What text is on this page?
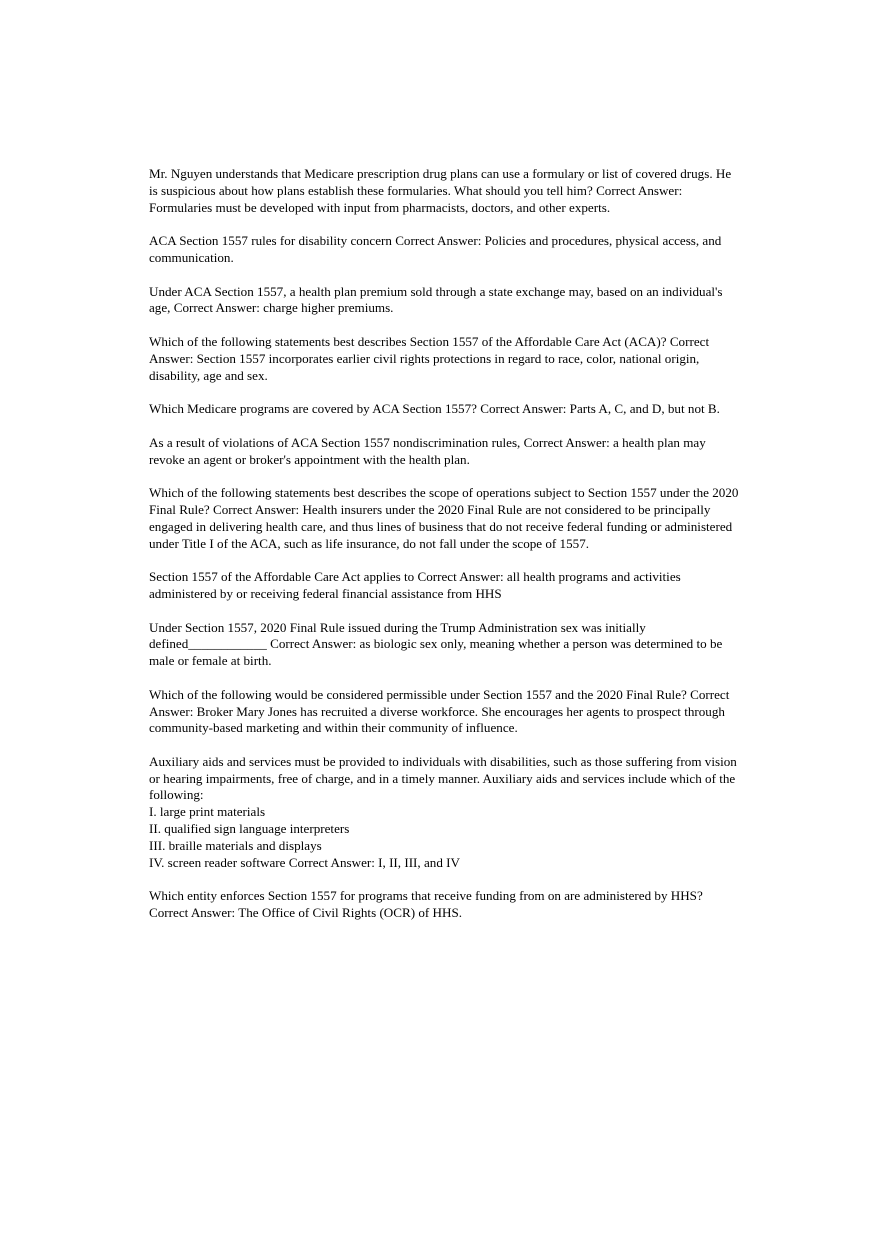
Mr. Nguyen understands that Medicare prescription drug plans can use a formulary or list of covered drugs. He is suspicious about how plans establish these formularies. What should you tell him? Correct Answer: Formularies must be developed with input from pharmacists, doctors, and other experts.

ACA Section 1557 rules for disability concern Correct Answer: Policies and procedures, physical access, and communication.

Under ACA Section 1557, a health plan premium sold through a state exchange may, based on an individual's age, Correct Answer: charge higher premiums.

Which of the following statements best describes Section 1557 of the Affordable Care Act (ACA)? Correct Answer: Section 1557 incorporates earlier civil rights protections in regard to race, color, national origin, disability, age and sex.

Which Medicare programs are covered by ACA Section 1557? Correct Answer: Parts A, C, and D, but not B.

As a result of violations of ACA Section 1557 nondiscrimination rules, Correct Answer: a health plan may revoke an agent or broker's appointment with the health plan.

Which of the following statements best describes the scope of operations subject to Section 1557 under the 2020 Final Rule? Correct Answer: Health insurers under the 2020 Final Rule are not considered to be principally engaged in delivering health care, and thus lines of business that do not receive federal funding or administered under Title I of the ACA, such as life insurance, do not fall under the scope of 1557.

Section 1557 of the Affordable Care Act applies to Correct Answer: all health programs and activities administered by or receiving federal financial assistance from HHS

Under Section 1557, 2020 Final Rule issued during the Trump Administration sex was initially defined____________ Correct Answer: as biologic sex only, meaning whether a person was determined to be male or female at birth.

Which of the following would be considered permissible under Section 1557 and the 2020 Final Rule? Correct Answer: Broker Mary Jones has recruited a diverse workforce. She encourages her agents to prospect through community-based marketing and within their community of influence.

Auxiliary aids and services must be provided to individuals with disabilities, such as those suffering from vision or hearing impairments, free of charge, and in a timely manner. Auxiliary aids and services include which of the following:
I. large print materials
II. qualified sign language interpreters
III. braille materials and displays
IV. screen reader software Correct Answer: I, II, III, and IV

Which entity enforces Section 1557 for programs that receive funding from on are administered by HHS? Correct Answer: The Office of Civil Rights (OCR) of HHS.
